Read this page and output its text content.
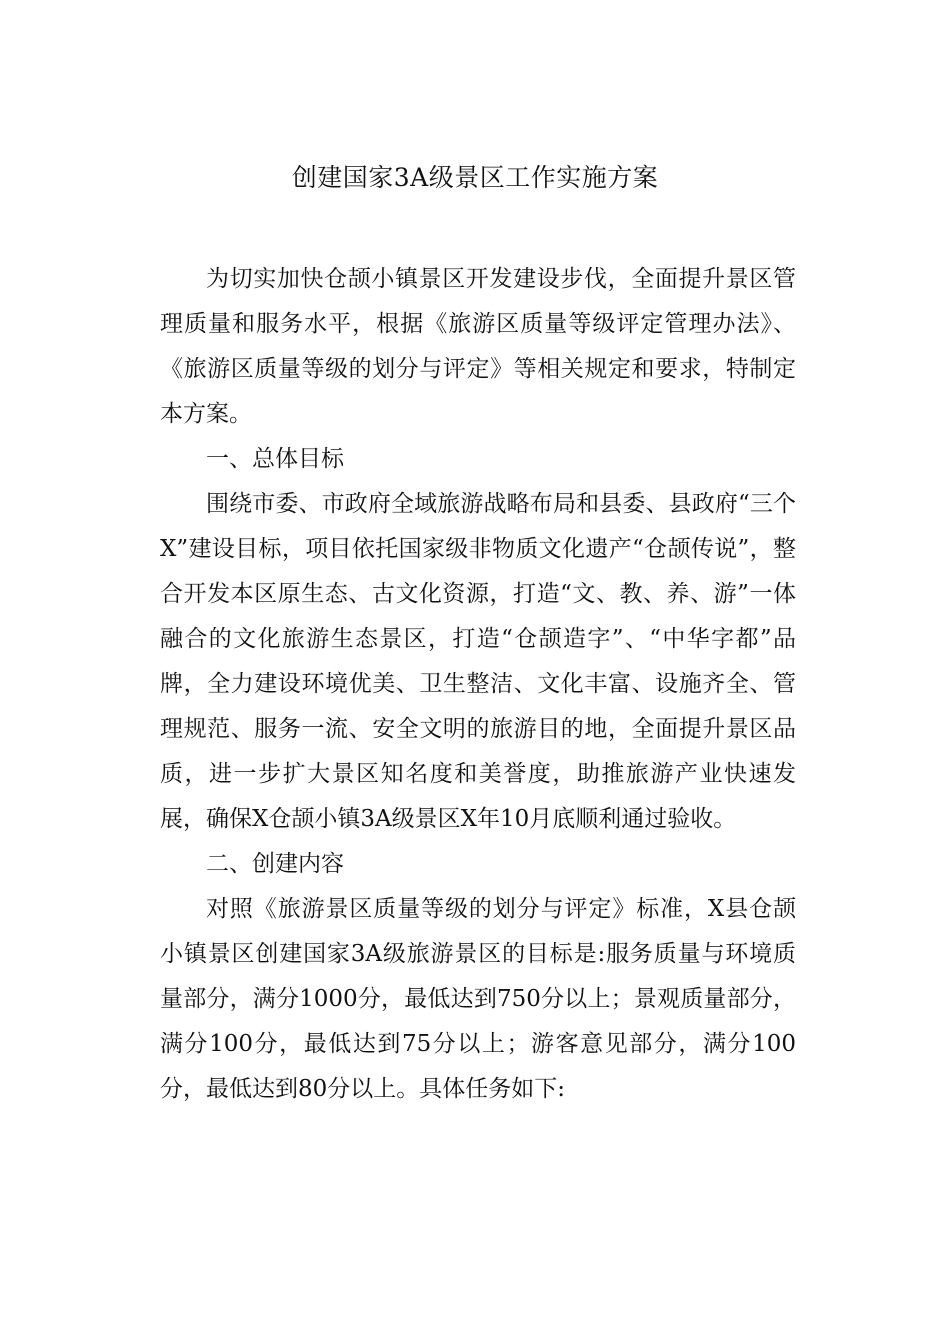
创建国家3A级景区工作实施方案

为切实加快仓颉小镇景区开发建设步伐，全面提升景区管理质量和服务水平，根据《旅游区质量等级评定管理办法》、《旅游区质量等级的划分与评定》等相关规定和要求，特制定本方案。

一、总体目标

围绕市委、市政府全域旅游战略布局和县委、县政府“三个X”建设目标，项目依托国家级非物质文化遗产“仓颉传说”，整合开发本区原生态、古文化资源，打造“文、教、养、游”一体融合的文化旅游生态景区，打造“仓颉造字”、“中华字都”品牌，全力建设环境优美、卫生整洁、文化丰富、设施齐全、管理规范、服务一流、安全文明的旅游目的地，全面提升景区品质，进一步扩大景区知名度和美誉度，助推旅游产业快速发展，确保X仓颉小镇3A级景区X年10月底顺利通过验收。

二、创建内容

对照《旅游景区质量等级的划分与评定》标准，X县仓颉小镇景区创建国家3A级旅游景区的目标是:服务质量与环境质量部分，满分1000分，最低达到750分以上；景观质量部分，满分100分，最低达到75分以上；游客意见部分，满分100分，最低达到80分以上。具体任务如下:
